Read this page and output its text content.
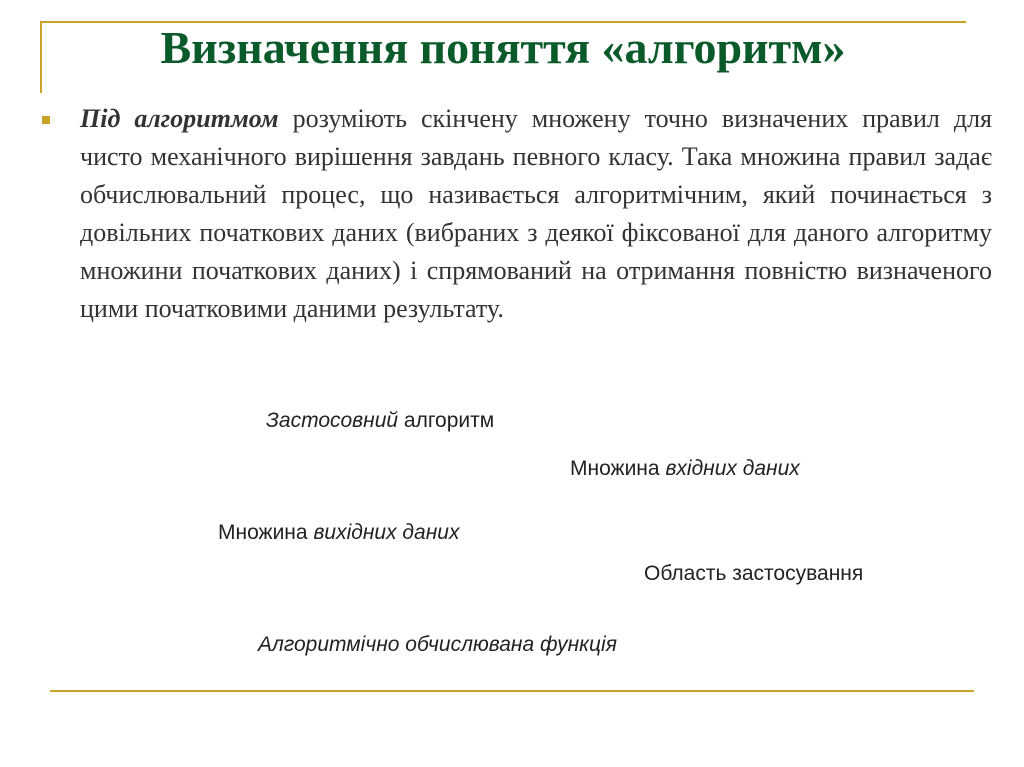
Визначення поняття «алгоритм»
Під алгоритмом розуміють скінчену множену точно визначених правил для чисто механічного вирішення завдань певного класу. Така множина правил задає обчислювальний процес, що називається алгоритмічним, який починається з довільних початкових даних (вибраних з деякої фіксованої для даного алгоритму множини початкових даних) і спрямований на отримання повністю визначеного цими початковими даними результату.
Застосовний алгоритм
Множина вхідних даних
Множина вихідних даних
Область застосування
Алгоритмічно обчислювана функція
